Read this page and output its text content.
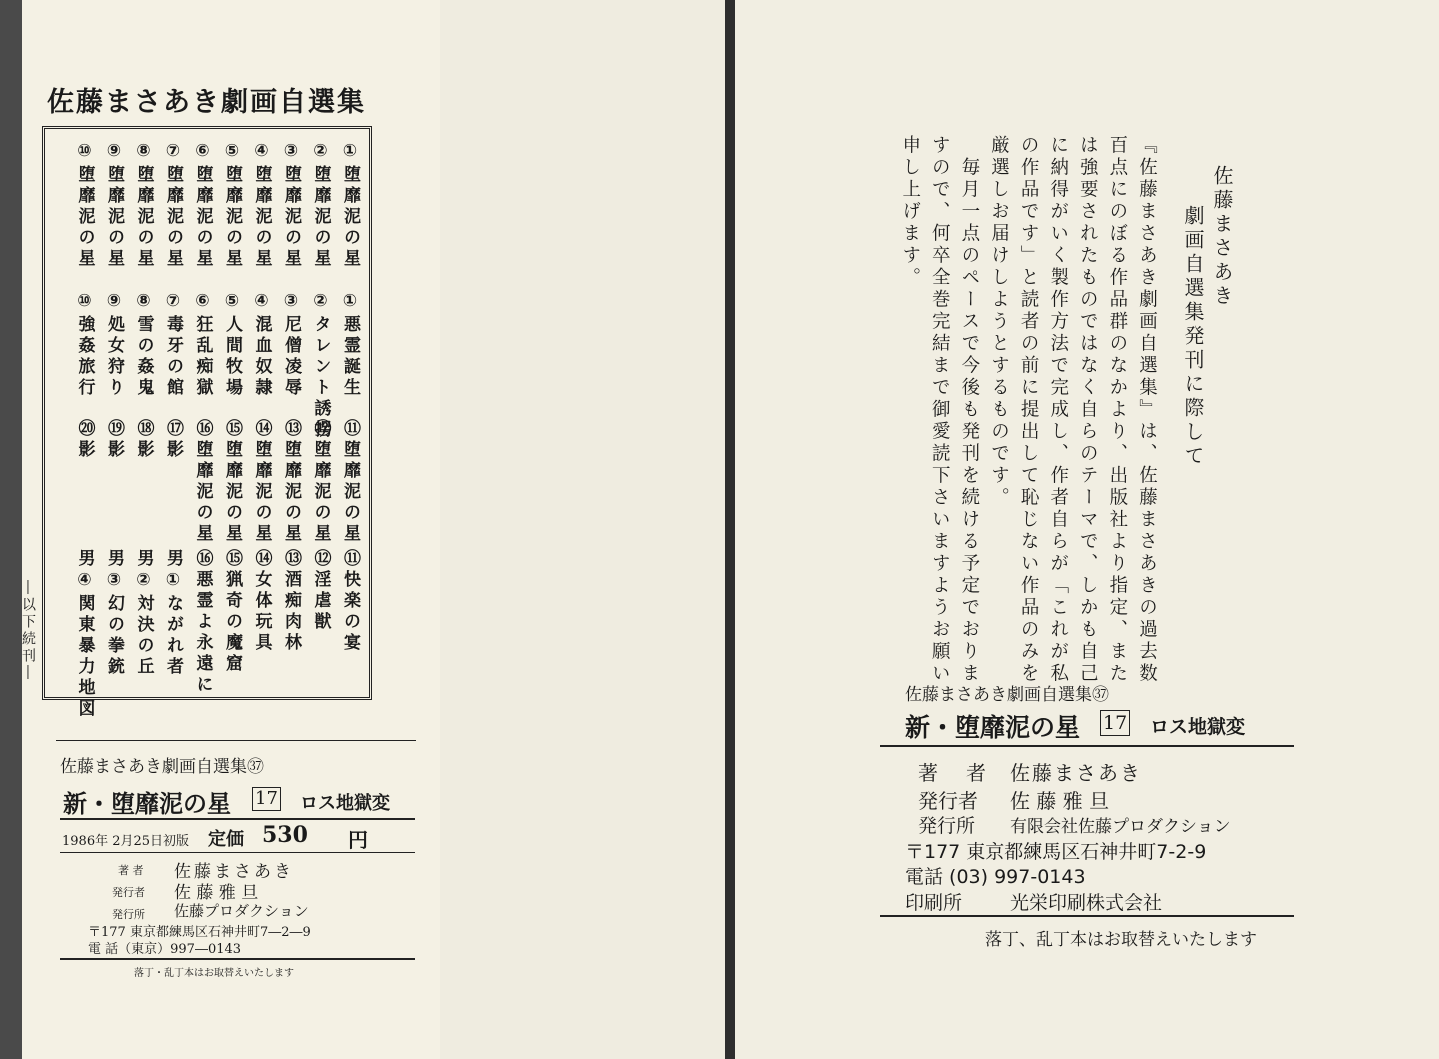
佐藤まさあき劇画自選集
①堕靡泥の星
①悪霊誕生
⑪堕靡泥の星
⑪快楽の宴
②堕靡泥の星
②タレント誘拐
⑫堕靡泥の星
⑫淫虐獣
③堕靡泥の星
③尼僧凌辱
⑬堕靡泥の星
⑬酒痴肉林
④堕靡泥の星
④混血奴隷
⑭堕靡泥の星
⑭女体玩具
⑤堕靡泥の星
⑤人間牧場
⑮堕靡泥の星
⑮猟奇の魔窟
⑥堕靡泥の星
⑥狂乱痴獄
⑯堕靡泥の星
⑯悪霊よ永遠に
⑦堕靡泥の星
⑦毒牙の館
⑰影
男①ながれ者
⑧堕靡泥の星
⑧雪の姦鬼
⑱影
男②対決の丘
⑨堕靡泥の星
⑨処女狩り
⑲影
男③幻の拳銃
⑩堕靡泥の星
⑩強姦旅行
⑳影
男④関東暴力地図
―以下続刊―
佐藤まさあき劇画自選集㊲
新・堕靡泥の星 17 ロス地獄変
1986年 2月25日初版 定価 530 円
著 者 佐藤まさあき
発行者 佐 藤 雅 旦
発行所 佐藤プロダクション
〒177 東京都練馬区石神井町7―2―9
電 話（東京）997―0143
落丁・乱丁本はお取替えいたします
佐藤まさあき
劇画自選集発刊に際して
『佐藤まさあき劇画自選集』は、佐藤まさあきの過去数
百点にのぼる作品群のなかより、出版社より指定、また
は強要されたものではなく自らのテーマで、しかも自己
に納得がいく製作方法で完成し、作者自らが「これが私
の作品です」と読者の前に提出して恥じない作品のみを
厳選しお届けしようとするものです。
　毎月一点のペースで今後も発刊を続ける予定でおりま
すので、何卒全巻完結まで御愛読下さいますようお願い
申し上げます。
佐藤まさあき劇画自選集㊲
新・堕靡泥の星 17 ロス地獄変
著　者 佐藤まさあき
発行者 佐 藤 雅 旦
発行所 有限会社佐藤プロダクション
〒177 東京都練馬区石神井町7-2-9
電話 (03) 997-0143
印刷所	光栄印刷株式会社
落丁、乱丁本はお取替えいたします
